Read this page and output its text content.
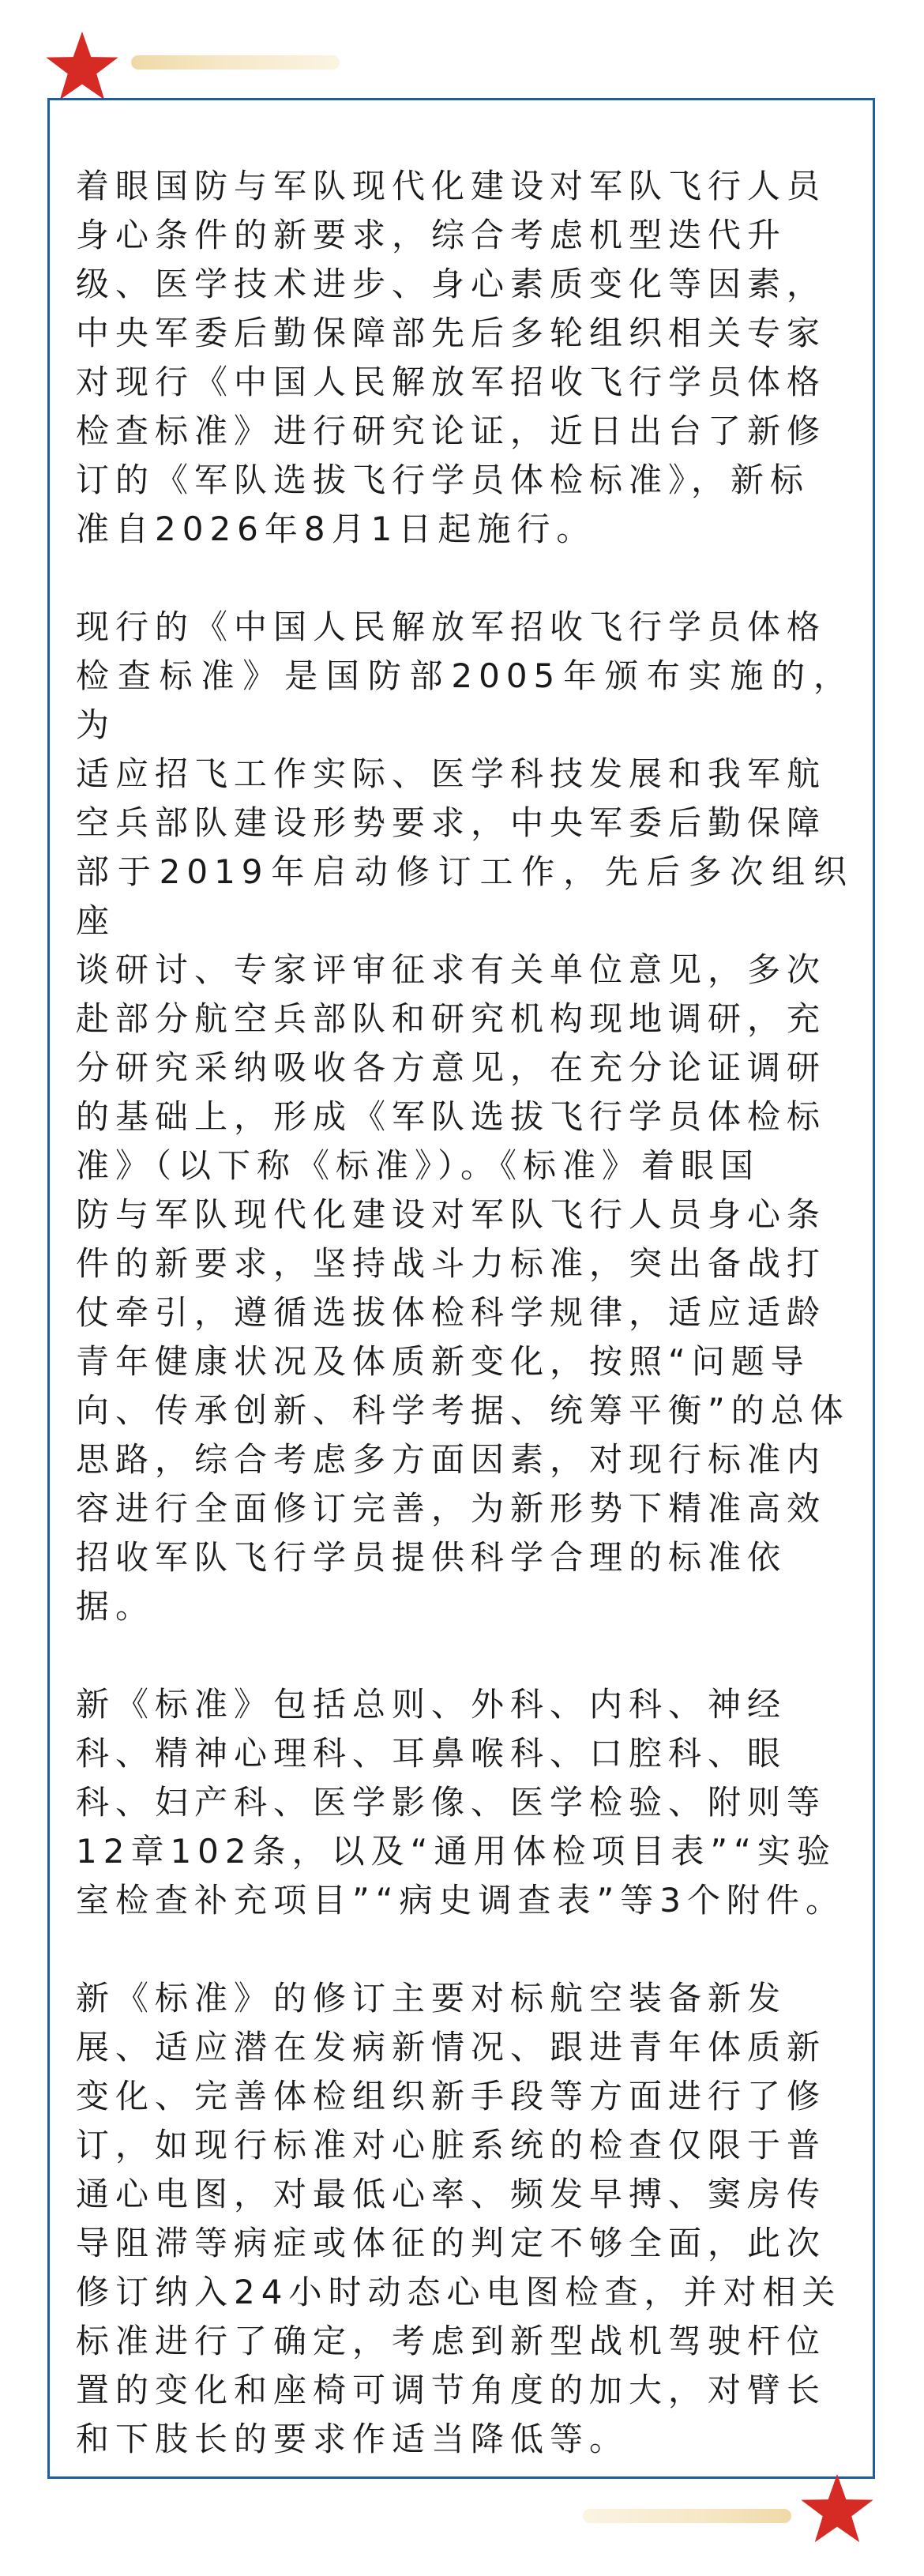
着眼国防与军队现代化建设对军队飞行人员
身心条件的新要求，综合考虑机型迭代升
级、医学技术进步、身心素质变化等因素，
中央军委后勤保障部先后多轮组织相关专家
对现行《中国人民解放军招收飞行学员体格
检查标准》进行研究论证，近日出台了新修
订的《军队选拔飞行学员体检标准》，新标
准自2026年8月1日起施行。

现行的《中国人民解放军招收飞行学员体格
检查标准》是国防部2005年颁布实施的，为
适应招飞工作实际、医学科技发展和我军航
空兵部队建设形势要求，中央军委后勤保障
部于2019年启动修订工作，先后多次组织座
谈研讨、专家评审征求有关单位意见，多次
赴部分航空兵部队和研究机构现地调研，充
分研究采纳吸收各方意见，在充分论证调研
的基础上，形成《军队选拔飞行学员体检标
准》（以下称《标准》）。《标准》着眼国
防与军队现代化建设对军队飞行人员身心条
件的新要求，坚持战斗力标准，突出备战打
仗牵引，遵循选拔体检科学规律，适应适龄
青年健康状况及体质新变化，按照“问题导
向、传承创新、科学考据、统筹平衡”的总体
思路，综合考虑多方面因素，对现行标准内
容进行全面修订完善，为新形势下精准高效
招收军队飞行学员提供科学合理的标准依
据。

新《标准》包括总则、外科、内科、神经
科、精神心理科、耳鼻喉科、口腔科、眼
科、妇产科、医学影像、医学检验、附则等
12章102条，以及“通用体检项目表”“实验
室检查补充项目”“病史调查表”等3个附件。

新《标准》的修订主要对标航空装备新发
展、适应潜在发病新情况、跟进青年体质新
变化、完善体检组织新手段等方面进行了修
订，如现行标准对心脏系统的检查仅限于普
通心电图，对最低心率、频发早搏、窦房传
导阻滞等病症或体征的判定不够全面，此次
修订纳入24小时动态心电图检查，并对相关
标准进行了确定，考虑到新型战机驾驶杆位
置的变化和座椅可调节角度的加大，对臂长
和下肢长的要求作适当降低等。
